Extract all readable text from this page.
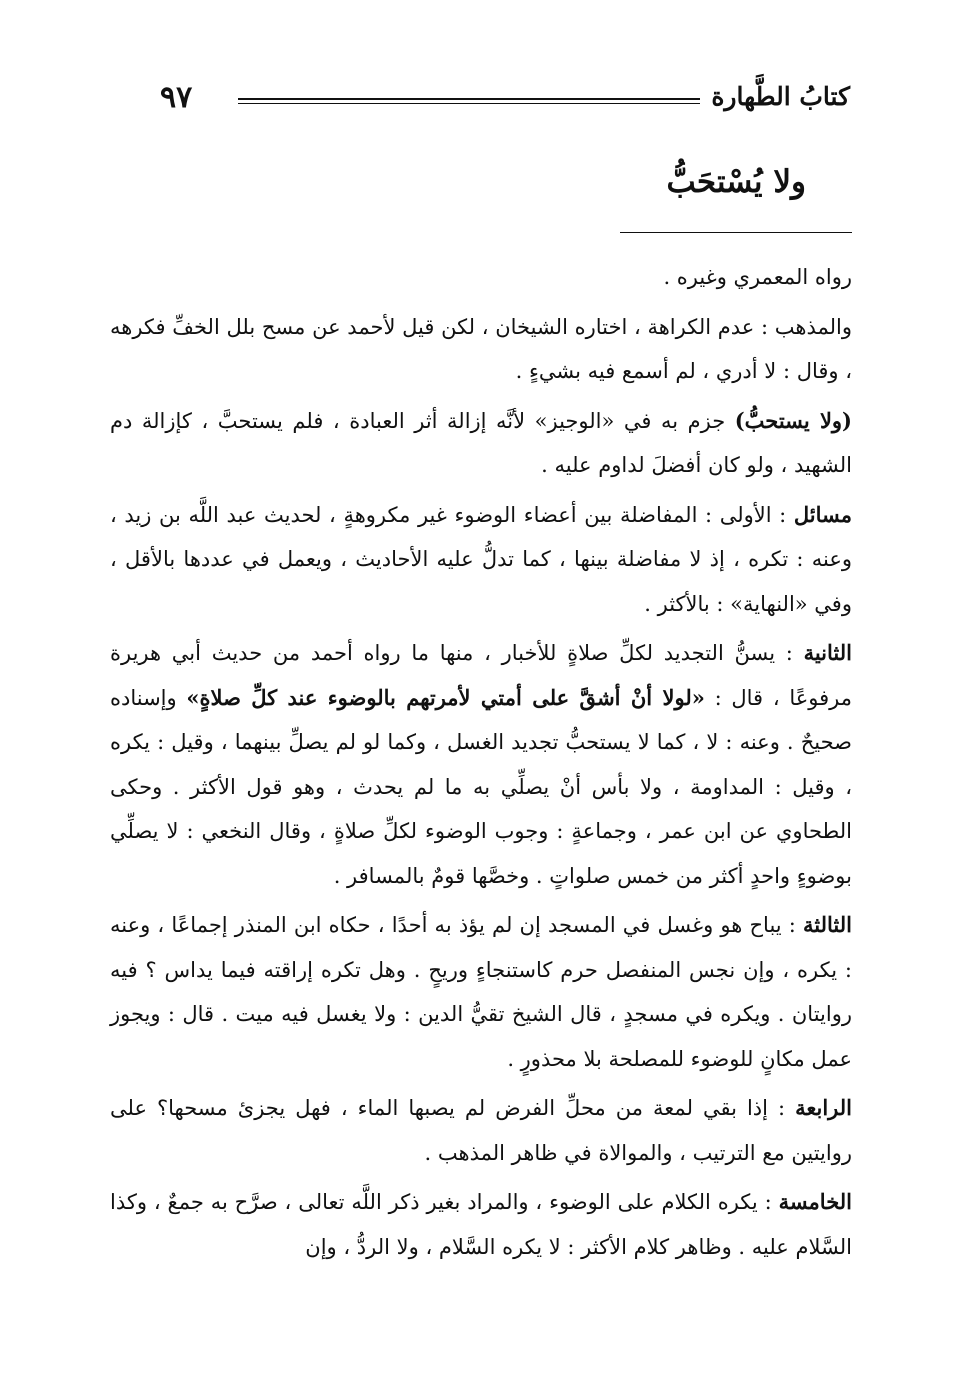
٩٧	كتابُ الطَّهارة
ولا يُسْتحَبُّ

رواه المعمري وغيره .

والمذهب : عدم الكراهة ، اختاره الشيخان ، لكن قيل لأحمد عن مسح بلل الخفِّ فكرهه ، وقال : لا أدري ، لم أسمع فيه بشيءٍ .

(ولا يستحبُّ) جزم به في «الوجيز» لأنَّه إزالة أثر العبادة ، فلم يستحبَّ ، كإزالة دم الشهيد ، ولو كان أفضلَ لداوم عليه .

مسائل : الأولى : المفاضلة بين أعضاء الوضوء غير مكروهةٍ ، لحديث عبد اللَّه بن زيد ، وعنه : تكره ، إذ لا مفاضلة بينها ، كما تدلُّ عليه الأحاديث ، ويعمل في عددها بالأقل ، وفي «النهاية» : بالأكثر .

الثانية : يسنُّ التجديد لكلِّ صلاةٍ للأخبار ، منها ما رواه أحمد من حديث أبي هريرة مرفوعًا ، قال : «لولا أنْ أشقَّ على أمتي لأمرتهم بالوضوء عند كلِّ صلاةٍ» وإسناده صحيحٌ . وعنه : لا ، كما لا يستحبُّ تجديد الغسل ، وكما لو لم يصلِّ بينهما ، وقيل : يكره ، وقيل : المداومة ، ولا بأس أنْ يصلِّي به ما لم يحدث ، وهو قول الأكثر . وحكى الطحاوي عن ابن عمر ، وجماعةٍ : وجوب الوضوء لكلِّ صلاةٍ ، وقال النخعي : لا يصلِّي بوضوءٍ واحدٍ أكثر من خمس صلواتٍ . وخصَّها قومٌ بالمسافر .

الثالثة : يباح هو وغسل في المسجد إن لم يؤذ به أحدًا ، حكاه ابن المنذر إجماعًا ، وعنه : يكره ، وإن نجس المنفصل حرم كاستنجاءٍ وريحٍ . وهل تكره إراقته فيما يداس ؟ فيه روايتان . ويكره في مسجدٍ ، قال الشيخ تقيُّ الدين : ولا يغسل فيه ميت . قال : ويجوز عمل مكانٍ للوضوء للمصلحة بلا محذورٍ .

الرابعة : إذا بقي لمعة من محلِّ الفرض لم يصبها الماء ، فهل يجزئ مسحها؟ على روايتين مع الترتيب ، والموالاة في ظاهر المذهب .

الخامسة : يكره الكلام على الوضوء ، والمراد بغير ذكر اللَّه تعالى ، صرَّح به جمعٌ ، وكذا السَّلام عليه . وظاهر كلام الأكثر : لا يكره السَّلام ، ولا الردُّ ، وإن
